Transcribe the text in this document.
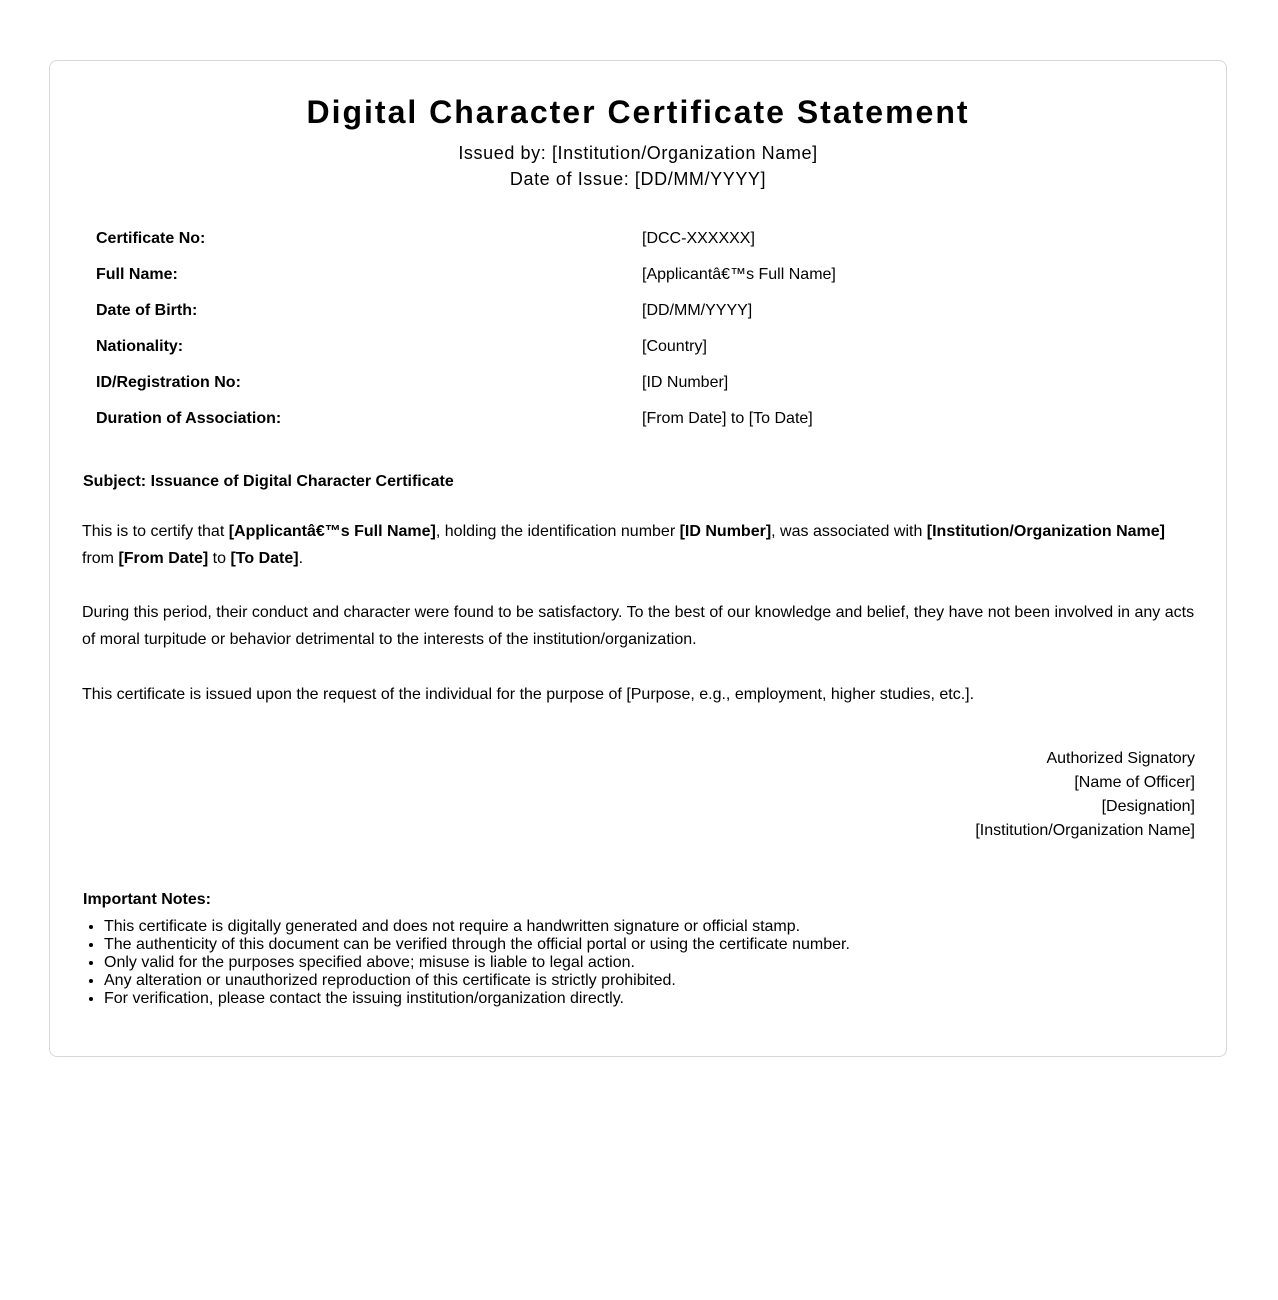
Digital Character Certificate Statement
Issued by: [Institution/Organization Name]
Date of Issue: [DD/MM/YYYY]
Certificate No:	[DCC-XXXXXX]
Full Name:	[Applicantâ€™s Full Name]
Date of Birth:	[DD/MM/YYYY]
Nationality:	[Country]
ID/Registration No:	[ID Number]
Duration of Association:	[From Date] to [To Date]
Subject: Issuance of Digital Character Certificate

This is to certify that [Applicantâ€™s Full Name], holding the identification number [ID Number], was associated with [Institution/Organization Name] from [From Date] to [To Date].

During this period, their conduct and character were found to be satisfactory. To the best of our knowledge and belief, they have not been involved in any acts of moral turpitude or behavior detrimental to the interests of the institution/organization.

This certificate is issued upon the request of the individual for the purpose of [Purpose, e.g., employment, higher studies, etc.].

Authorized Signatory
[Name of Officer]
[Designation]
[Institution/Organization Name]
Important Notes:
• This certificate is digitally generated and does not require a handwritten signature or official stamp.
• The authenticity of this document can be verified through the official portal or using the certificate number.
• Only valid for the purposes specified above; misuse is liable to legal action.
• Any alteration or unauthorized reproduction of this certificate is strictly prohibited.
• For verification, please contact the issuing institution/organization directly.
